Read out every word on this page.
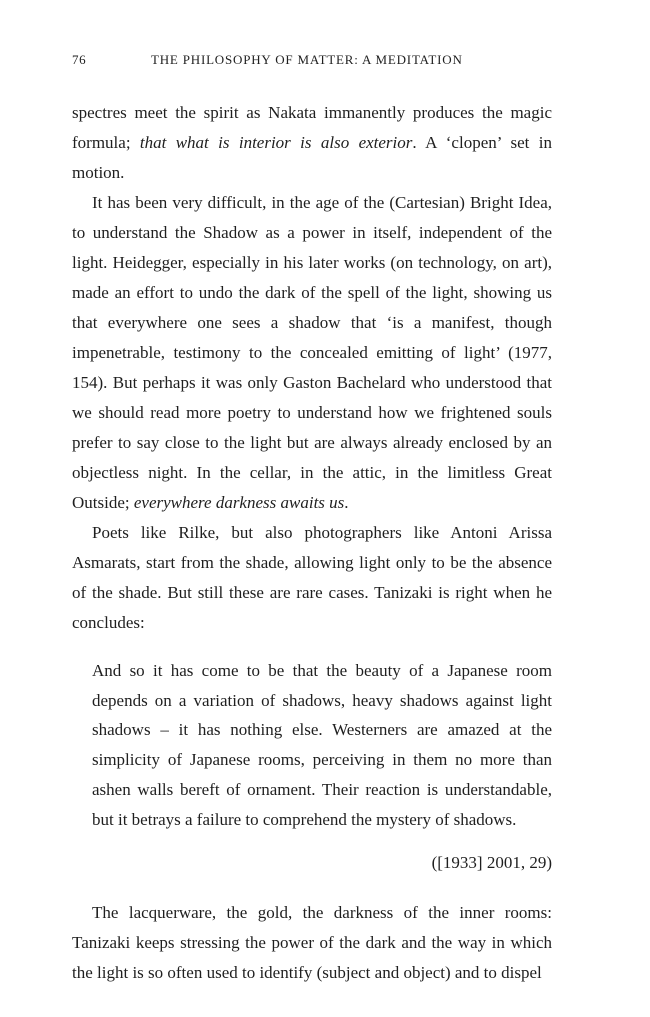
76	THE PHILOSOPHY OF MATTER: A MEDITATION

spectres meet the spirit as Nakata immanently produces the magic formula; that what is interior is also exterior. A ‘clopen’ set in motion.

It has been very difficult, in the age of the (Cartesian) Bright Idea, to understand the Shadow as a power in itself, independent of the light. Heidegger, especially in his later works (on technology, on art), made an effort to undo the dark of the spell of the light, showing us that everywhere one sees a shadow that ‘is a manifest, though impenetrable, testimony to the concealed emitting of light’ (1977, 154). But perhaps it was only Gaston Bachelard who understood that we should read more poetry to understand how we frightened souls prefer to say close to the light but are always already enclosed by an objectless night. In the cellar, in the attic, in the limitless Great Outside; everywhere darkness awaits us.

Poets like Rilke, but also photographers like Antoni Arissa Asmarats, start from the shade, allowing light only to be the absence of the shade. But still these are rare cases. Tanizaki is right when he concludes:

And so it has come to be that the beauty of a Japanese room depends on a variation of shadows, heavy shadows against light shadows – it has nothing else. Westerners are amazed at the simplicity of Japanese rooms, perceiving in them no more than ashen walls bereft of ornament. Their reaction is understandable, but it betrays a failure to comprehend the mystery of shadows.

([1933] 2001, 29)

The lacquerware, the gold, the darkness of the inner rooms: Tanizaki keeps stressing the power of the dark and the way in which the light is so often used to identify (subject and object) and to dispel
